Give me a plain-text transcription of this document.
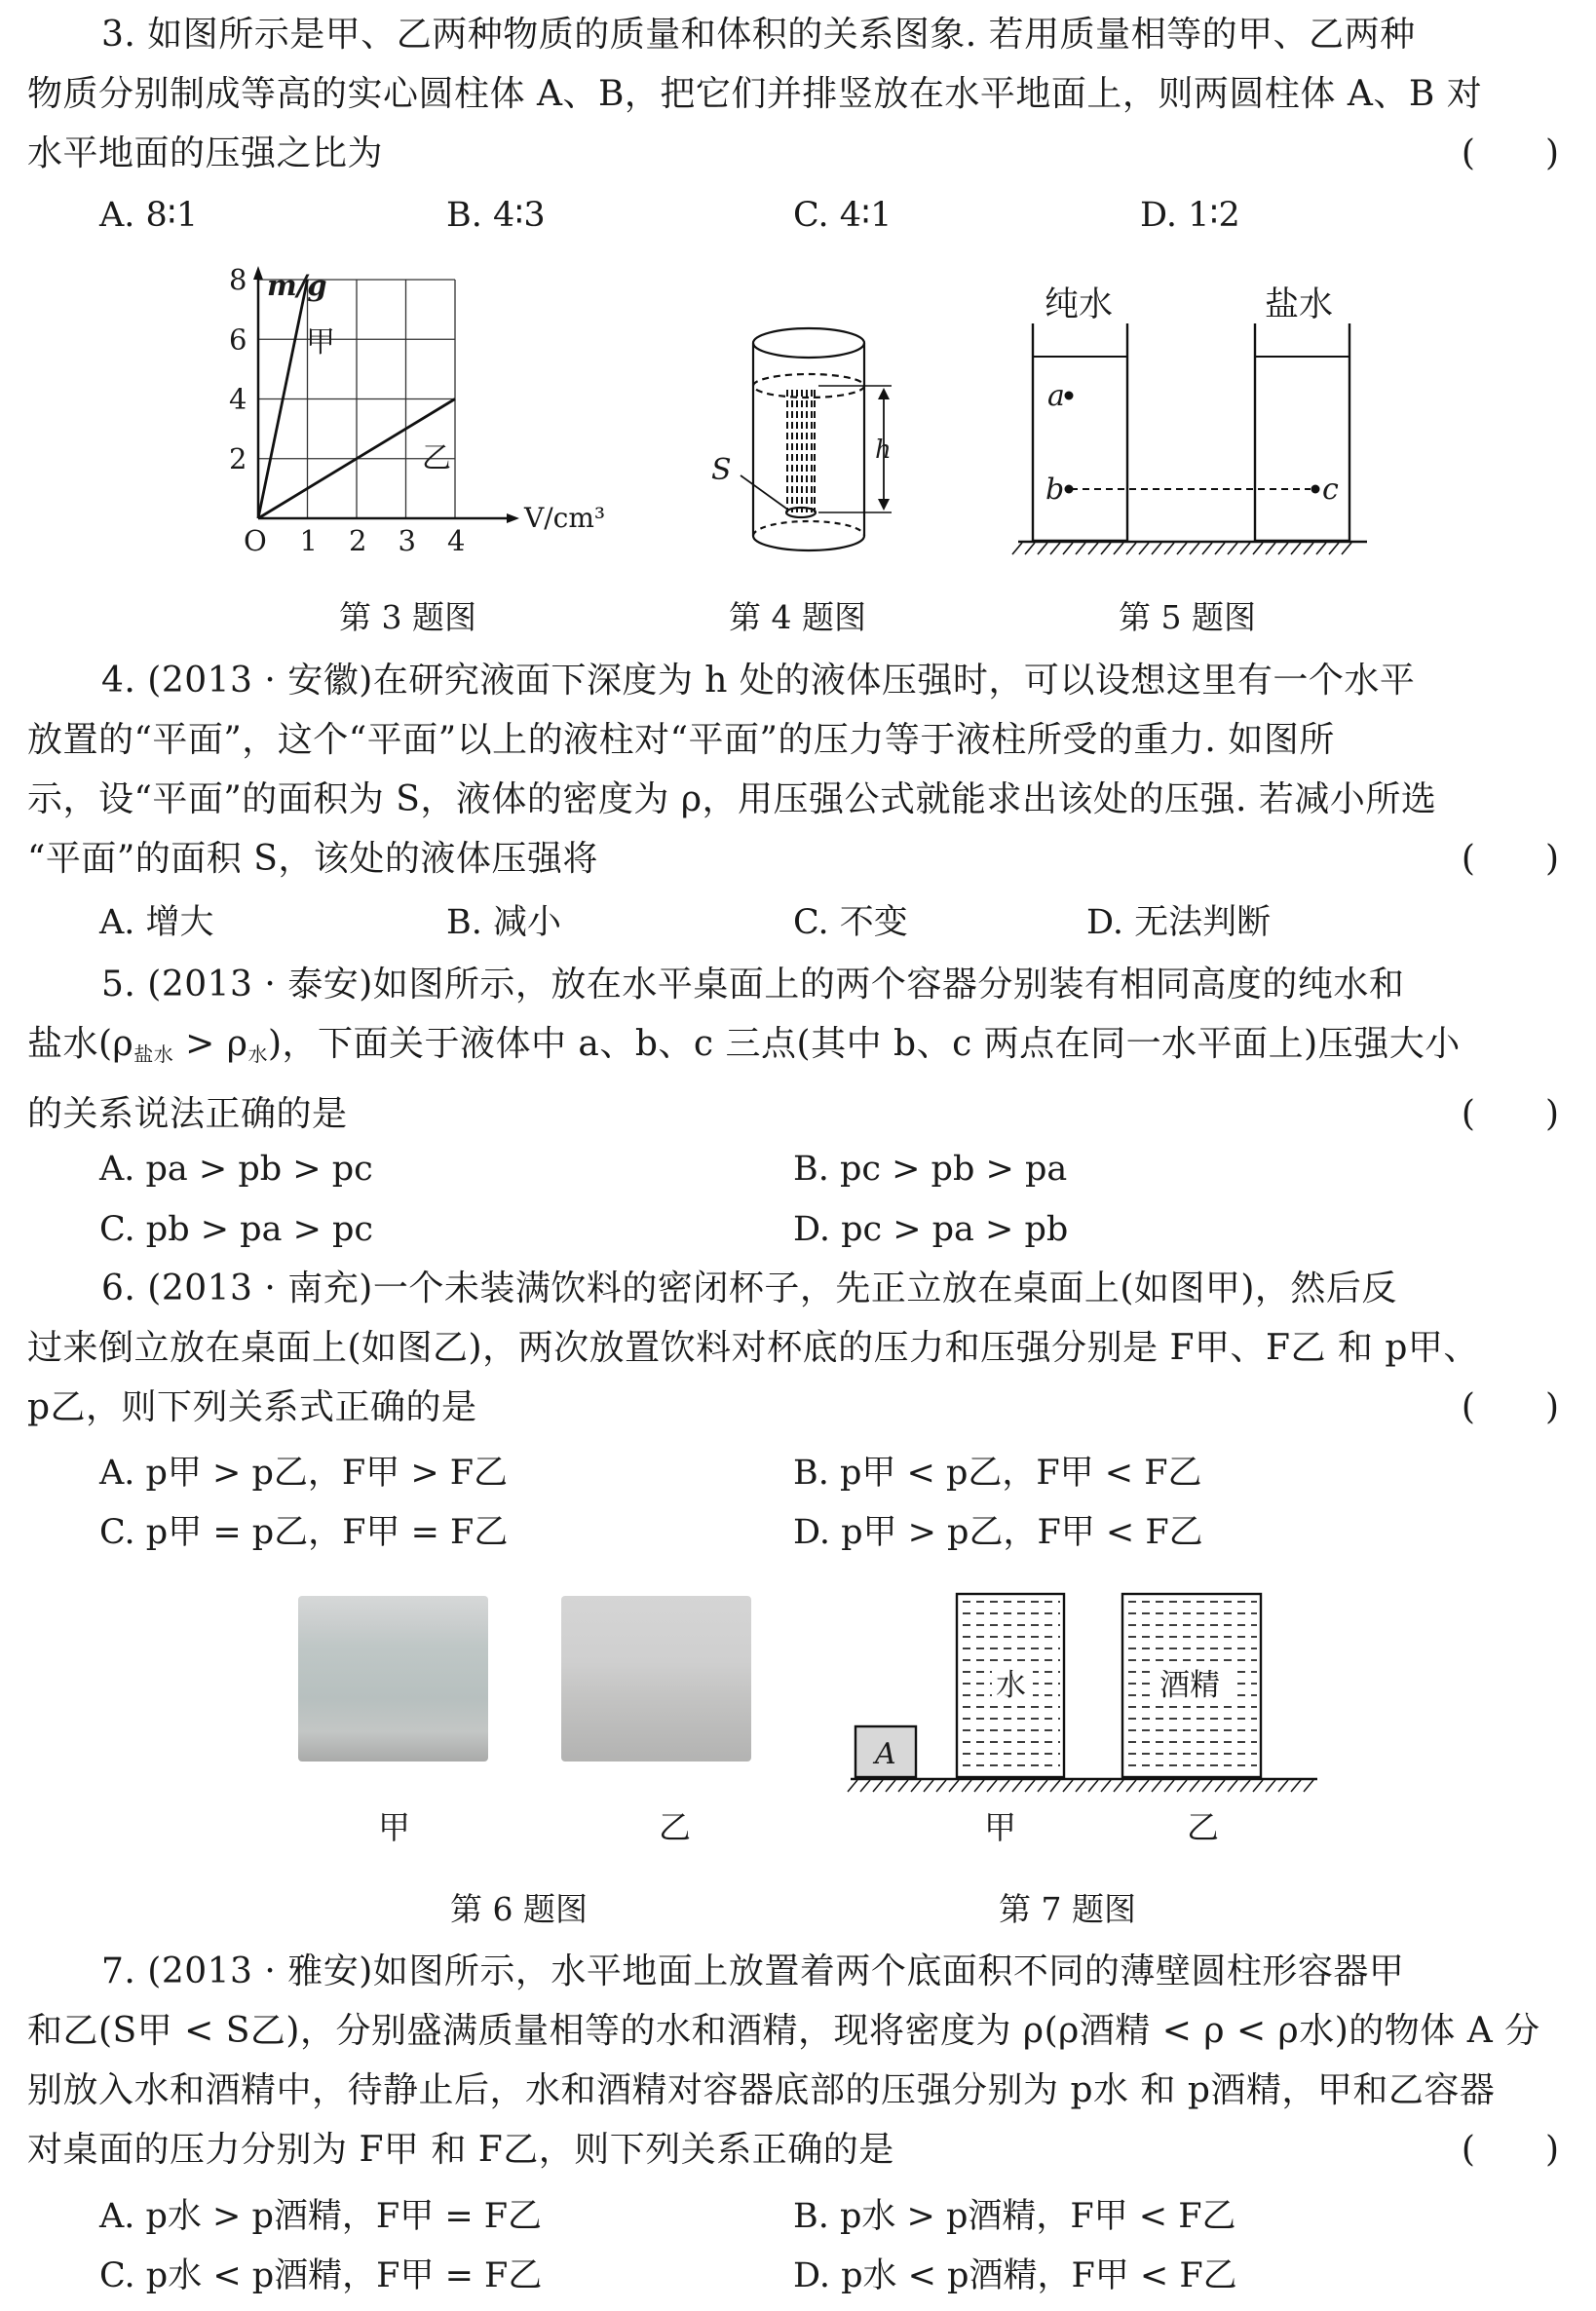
3. 如图所示是甲、乙两种物质的质量和体积的关系图象. 若用质量相等的甲、乙两种
物质分别制成等高的实心圆柱体 A、B，把它们并排竖放在水平地面上，则两圆柱体 A、B 对
水平地面的压强之比为	(　　)
A. 8∶1	B. 4∶3	C. 4∶1	D. 1∶2
1 2 3 4
2
4
6
8 m/g
V/cm³
O
甲
乙
第 3 题图
h
S
第 4 题图
纯水	盐水
a
b	c
第 5 题图
4. (2013 · 安徽)在研究液面下深度为 h 处的液体压强时，可以设想这里有一个水平
放置的“平面”，这个“平面”以上的液柱对“平面”的压力等于液柱所受的重力. 如图所
示，设“平面”的面积为 S，液体的密度为 ρ，用压强公式就能求出该处的压强. 若减小所选
“平面”的面积 S，该处的液体压强将	(　　)
A. 增大	B. 减小	C. 不变	D. 无法判断
5. (2013 · 泰安)如图所示，放在水平桌面上的两个容器分别装有相同高度的纯水和
盐水$(\rho_{盐水} > \rho_水)$，下面关于液体中 a、b、c 三点(其中 b、c 两点在同一水平面上)压强大小
的关系说法正确的是	(　　)
A. pa > pb > pc	B. pc > pb > pa
C. pb > pa > pc	D. pc > pa > pb
6. (2013 · 南充)一个未装满饮料的密闭杯子，先正立放在桌面上(如图甲)，然后反
过来倒立放在桌面上(如图乙)，两次放置饮料对杯底的压力和压强分别是 F甲、F乙 和 p甲、
p乙，则下列关系式正确的是	(　　)
A. p甲 > p乙，F甲 > F乙	B. p甲 < p乙，F甲 < F乙
C. p甲 = p乙，F甲 = F乙	D. p甲 > p乙，F甲 < F乙
甲	乙
第 6 题图
A
水	酒精
甲	乙
第 7 题图
7. (2013 · 雅安)如图所示，水平地面上放置着两个底面积不同的薄壁圆柱形容器甲
和乙(S甲 < S乙)，分别盛满质量相等的水和酒精，现将密度为 ρ(ρ酒精 < ρ < ρ水)的物体 A 分
别放入水和酒精中，待静止后，水和酒精对容器底部的压强分别为 p水 和 p酒精，甲和乙容器
对桌面的压力分别为 F甲 和 F乙，则下列关系正确的是	(　　)
A. p水 > p酒精，F甲 = F乙	B. p水 > p酒精，F甲 < F乙
C. p水 < p酒精，F甲 = F乙	D. p水 < p酒精，F甲 < F乙
